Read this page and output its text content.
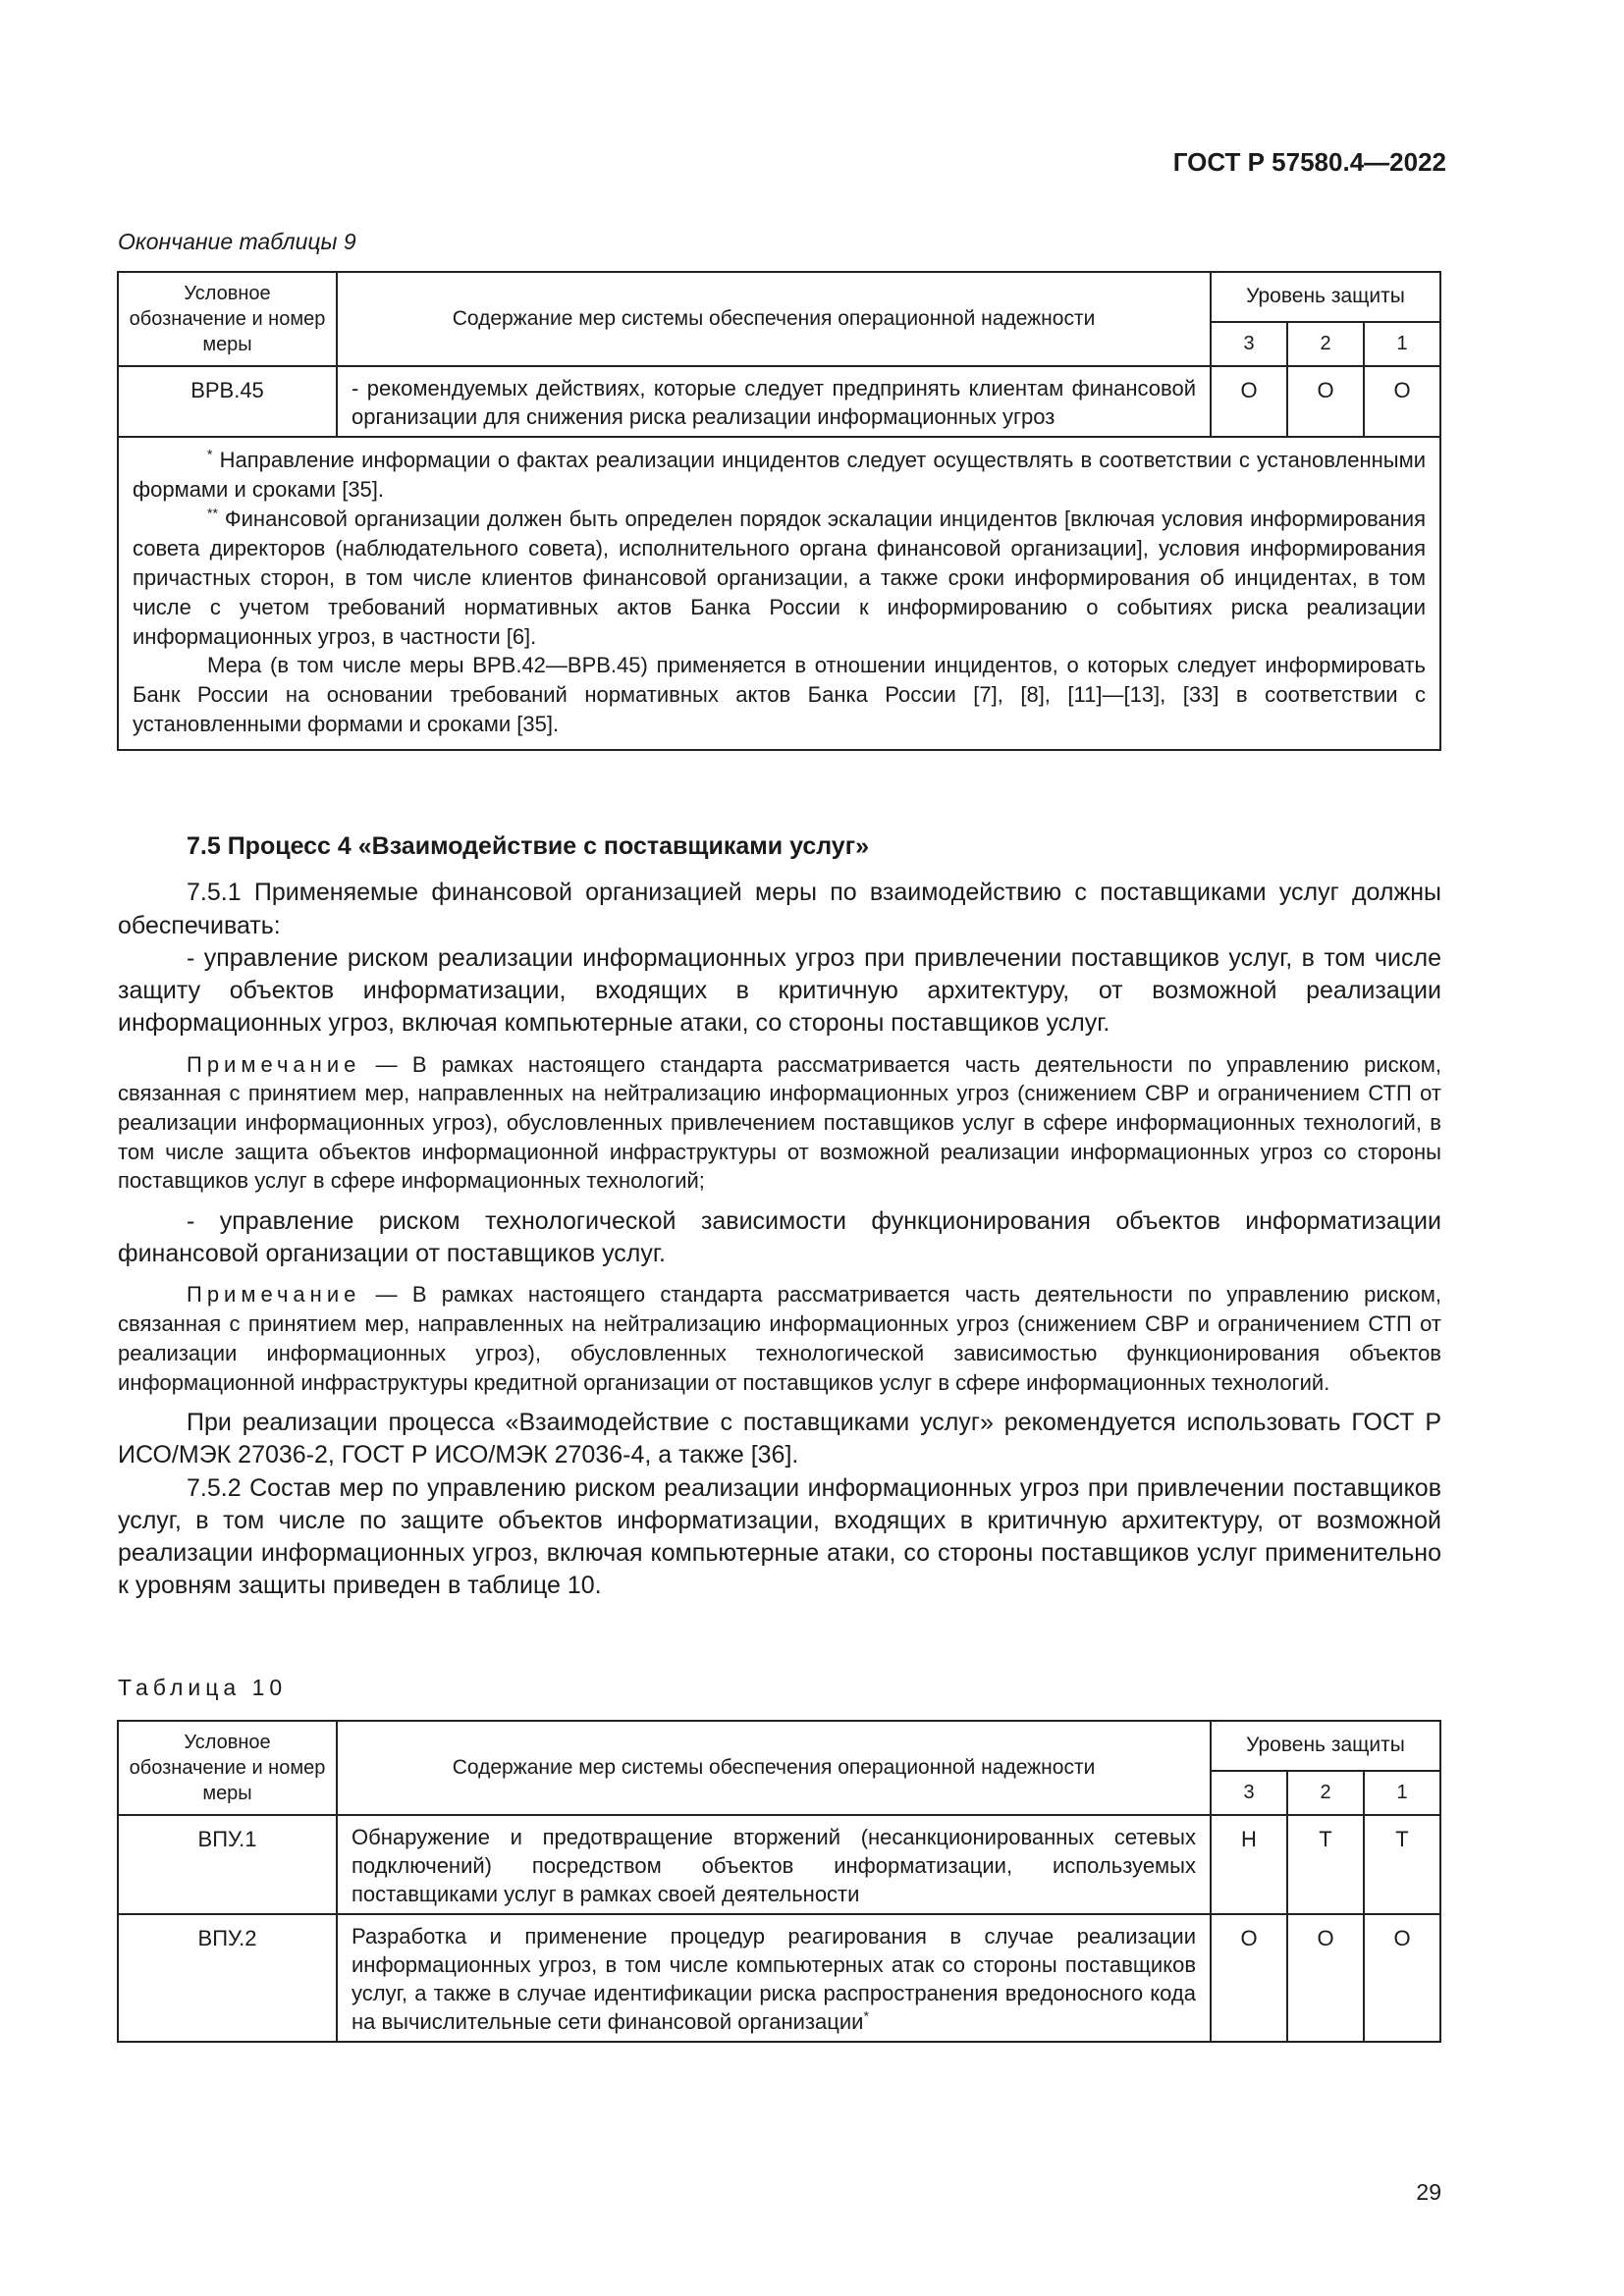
ГОСТ Р 57580.4—2022
Окончание таблицы 9
Условное обозначение и номер меры	Содержание мер системы обеспечения операционной надежности	Уровень защиты		
		3	2	1
ВРВ.45	- рекомендуемых действиях, которые следует предпринять клиентам финансовой организации для снижения риска реализации информационных угроз	О	О	О

* Направление информации о фактах реализации инцидентов следует осуществлять в соответствии с установленными формами и сроками [35].
** Финансовой организации должен быть определен порядок эскалации инцидентов [включая условия информирования совета директоров (наблюдательного совета), исполнительного органа финансовой организации], условия информирования причастных сторон, в том числе клиентов финансовой организации, а также сроки информирования об инцидентах, в том числе с учетом требований нормативных актов Банка России к информированию о событиях риска реализации информационных угроз, в частности [6].
Мера (в том числе меры ВРВ.42—ВРВ.45) применяется в отношении инцидентов, о которых следует информировать Банк России на основании требований нормативных актов Банка России [7], [8], [11]—[13], [33] в соответствии с установленными формами и сроками [35].				

7.5 Процесс 4 «Взаимодействие с поставщиками услуг»

7.5.1 Применяемые финансовой организацией меры по взаимодействию с поставщиками услуг должны обеспечивать:

- управление риском реализации информационных угроз при привлечении поставщиков услуг, в том числе защиту объектов информатизации, входящих в критичную архитектуру, от возможной реализации информационных угроз, включая компьютерные атаки, со стороны поставщиков услуг.

Примечание — В рамках настоящего стандарта рассматривается часть деятельности по управлению риском, связанная с принятием мер, направленных на нейтрализацию информационных угроз (снижением СВР и ограничением СТП от реализации информационных угроз), обусловленных привлечением поставщиков услуг в сфере информационных технологий, в том числе защита объектов информационной инфраструктуры от возможной реализации информационных угроз со стороны поставщиков услуг в сфере информационных технологий;

- управление риском технологической зависимости функционирования объектов информатизации финансовой организации от поставщиков услуг.

Примечание — В рамках настоящего стандарта рассматривается часть деятельности по управлению риском, связанная с принятием мер, направленных на нейтрализацию информационных угроз (снижением СВР и ограничением СТП от реализации информационных угроз), обусловленных технологической зависимостью функционирования объектов информационной инфраструктуры кредитной организации от поставщиков услуг в сфере информационных технологий.

При реализации процесса «Взаимодействие с поставщиками услуг» рекомендуется использовать ГОСТ Р ИСО/МЭК 27036-2, ГОСТ Р ИСО/МЭК 27036-4, а также [36].

7.5.2 Состав мер по управлению риском реализации информационных угроз при привлечении поставщиков услуг, в том числе по защите объектов информатизации, входящих в критичную архитектуру, от возможной реализации информационных угроз, включая компьютерные атаки, со стороны поставщиков услуг применительно к уровням защиты приведен в таблице 10.

Таблица 10
Условное обозначение и номер меры	Содержание мер системы обеспечения операционной надежности	Уровень защиты		
		3	2	1
ВПУ.1	Обнаружение и предотвращение вторжений (несанкционированных сетевых подключений) посредством объектов информатизации, используемых поставщиками услуг в рамках своей деятельности	Н	Т	Т
ВПУ.2	Разработка и применение процедур реагирования в случае реализации информационных угроз, в том числе компьютерных атак со стороны поставщиков услуг, а также в случае идентификации риска распространения вредоносного кода на вычислительные сети финансовой организации*	О	О	О
29
